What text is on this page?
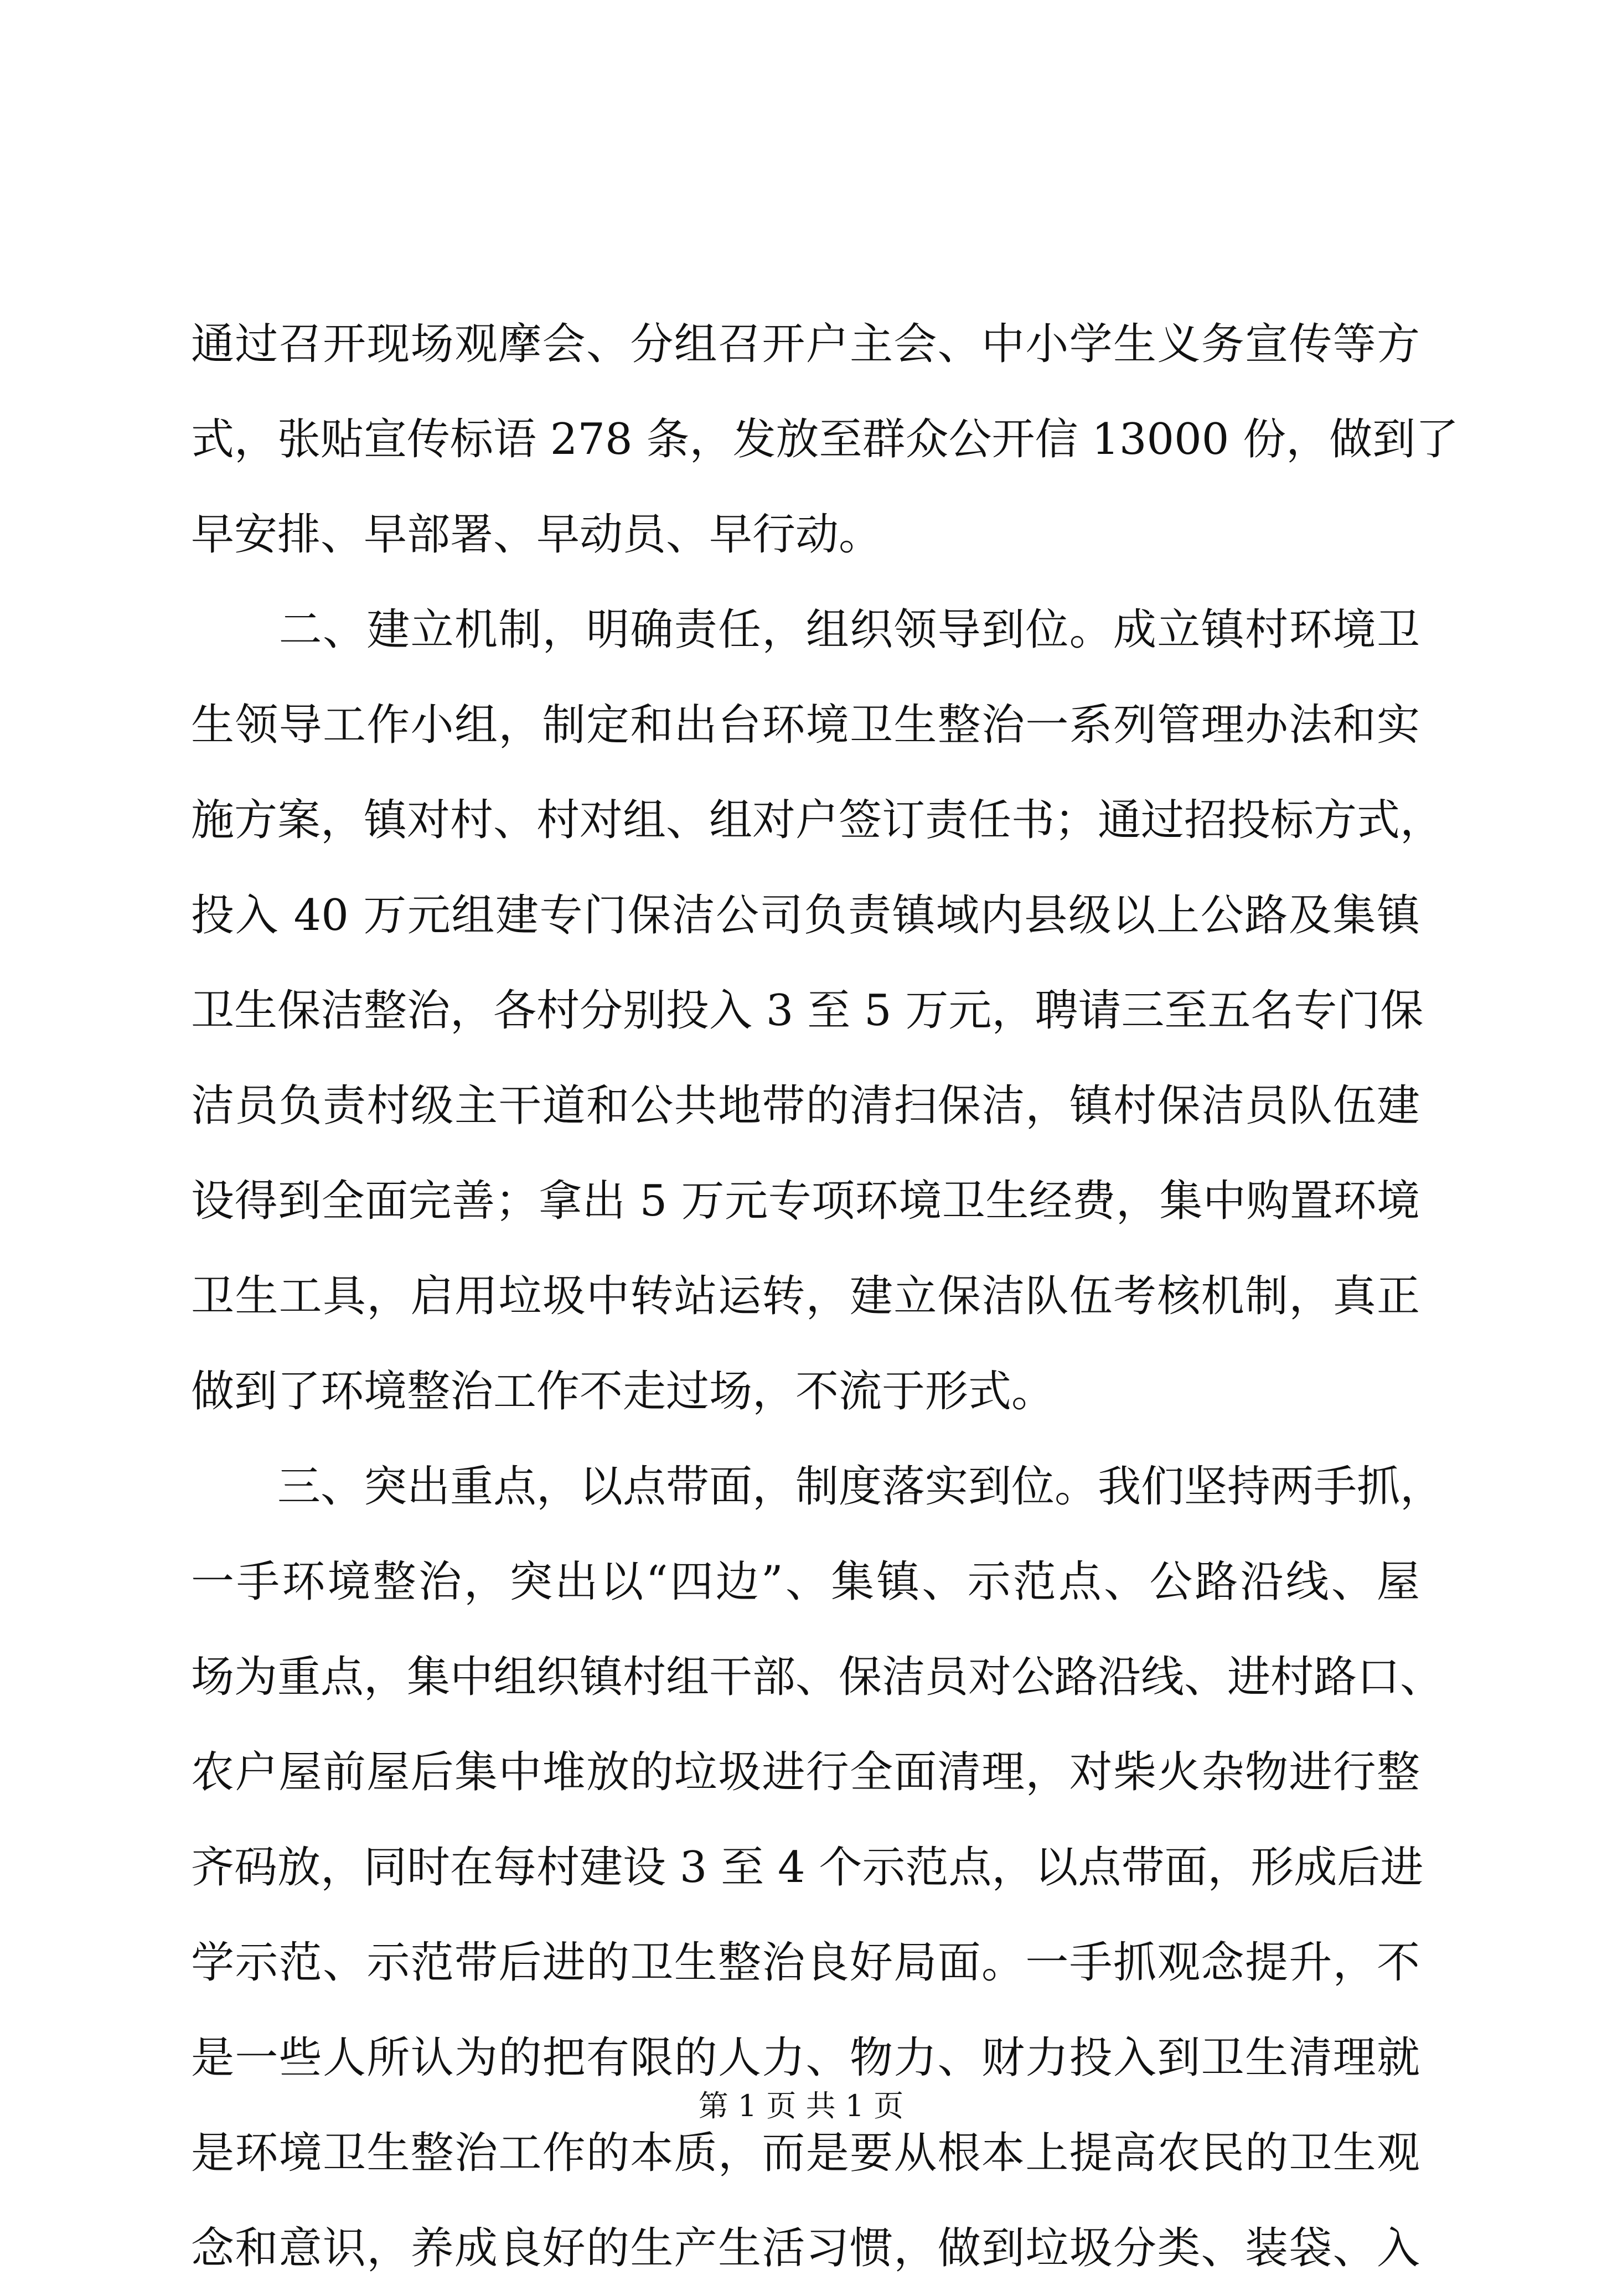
通过召开现场观摩会、分组召开户主会、中小学生义务宣传等方
式，张贴宣传标语 278 条，发放至群众公开信 13000 份，做到了
早安排、早部署、早动员、早行动。
　　二、建立机制，明确责任，组织领导到位。成立镇村环境卫
生领导工作小组，制定和出台环境卫生整治一系列管理办法和实
施方案，镇对村、村对组、组对户签订责任书；通过招投标方式，
投入 40 万元组建专门保洁公司负责镇域内县级以上公路及集镇
卫生保洁整治，各村分别投入 3 至 5 万元，聘请三至五名专门保
洁员负责村级主干道和公共地带的清扫保洁，镇村保洁员队伍建
设得到全面完善；拿出 5 万元专项环境卫生经费，集中购置环境
卫生工具，启用垃圾中转站运转，建立保洁队伍考核机制，真正
做到了环境整治工作不走过场，不流于形式。
　　三、突出重点，以点带面，制度落实到位。我们坚持两手抓，
一手环境整治，突出以“四边”、集镇、示范点、公路沿线、屋
场为重点，集中组织镇村组干部、保洁员对公路沿线、进村路口、
农户屋前屋后集中堆放的垃圾进行全面清理，对柴火杂物进行整
齐码放，同时在每村建设 3 至 4 个示范点，以点带面，形成后进
学示范、示范带后进的卫生整治良好局面。一手抓观念提升，不
是一些人所认为的把有限的人力、物力、财力投入到卫生清理就
是环境卫生整治工作的本质，而是要从根本上提高农民的卫生观
念和意识，养成良好的生产生活习惯，做到垃圾分类、装袋、入
第 1 页 共 1 页
